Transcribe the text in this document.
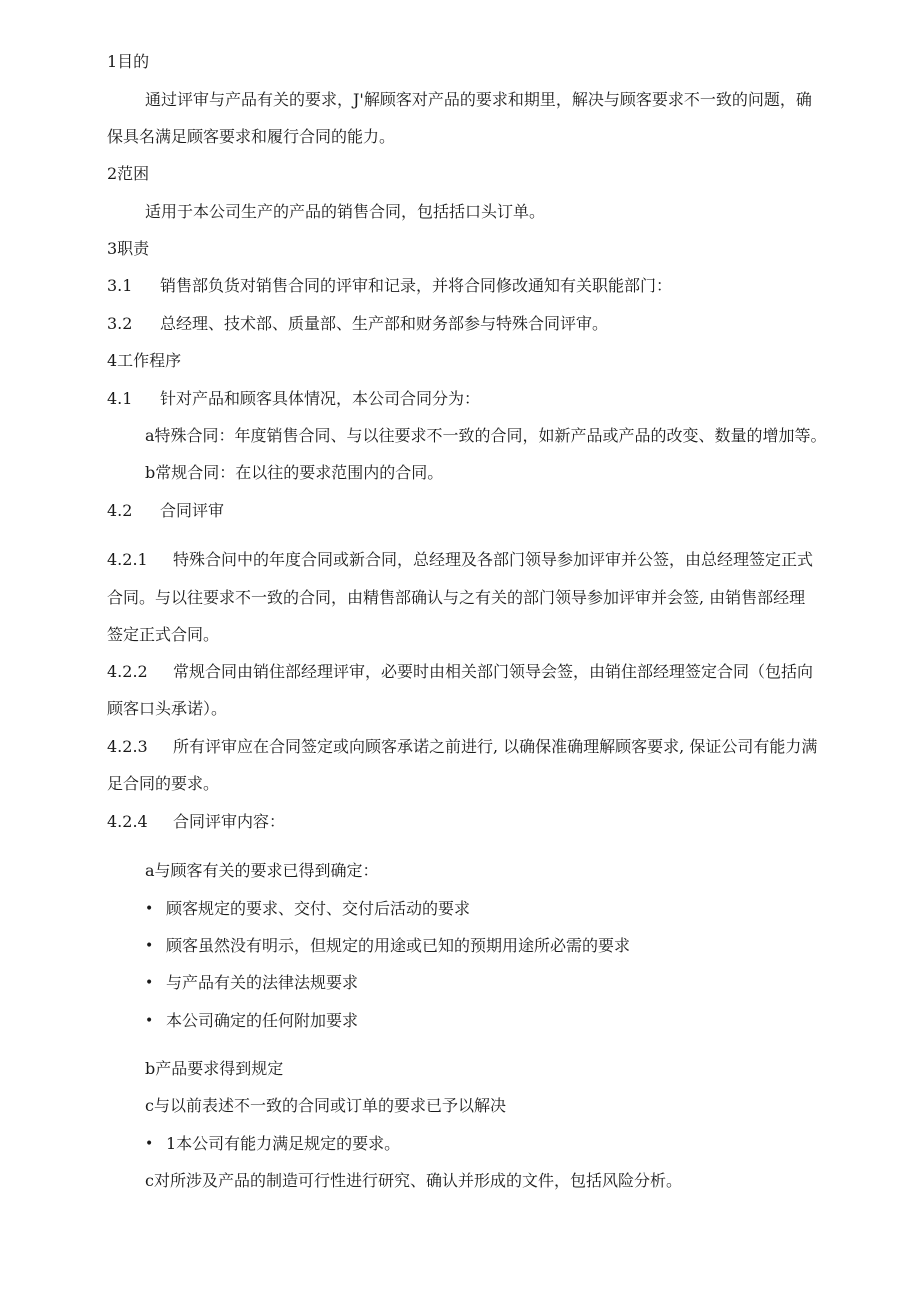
1目的
通过评审与产品有关的要求，J'解顾客对产品的要求和期里，解决与顾客要求不一致的问题，确
保具名满足顾客要求和履行合同的能力。
2范困
适用于本公司生产的产品的销售合同，包括括口头订单。
3职责
3.1 销售部负货对销售合同的评审和记录，并将合同修改通知有关职能部门：
3.2 总经理、技术部、质量部、生产部和财务部参与特殊合同评审。
4工作程序
4.1 针对产品和顾客具体情况，本公司合同分为：
a特殊合同：年度销售合同、与以往要求不一致的合同，如新产品或产品的改变、数量的增加等。
b常规合同：在以往的要求范围内的合同。
4.2 合同评审
4.2.1 特殊合问中的年度合同或新合同，总经理及各部门领导参加评审并公签，由总经理签定正式
合同。与以往要求不一致的合同，由精售部确认与之有关的部门领导参加评审并会签, 由销售部经理
签定正式合同。
4.2.2 常规合同由销住部经理评审，必要时由相关部门领导会签，由销住部经理签定合同（包括向
顾客口头承诺）。
4.2.3 所有评审应在合同签定或向顾客承诺之前进行, 以确保准确理解顾客要求, 保证公司有能力满
足合同的要求。
4.2.4 合同评审内容：
a与顾客有关的要求已得到确定：
• 顾客规定的要求、交付、交付后活动的要求
• 顾客虽然没有明示，但规定的用途或已知的预期用途所必需的要求
• 与产品有关的法律法规要求
• 本公司确定的任何附加要求
b产品要求得到规定
c与以前表述不一致的合同或订单的要求已予以解决
• 1本公司有能力满足规定的要求。
c对所涉及产品的制造可行性进行研究、确认并形成的文件，包括风险分析。
